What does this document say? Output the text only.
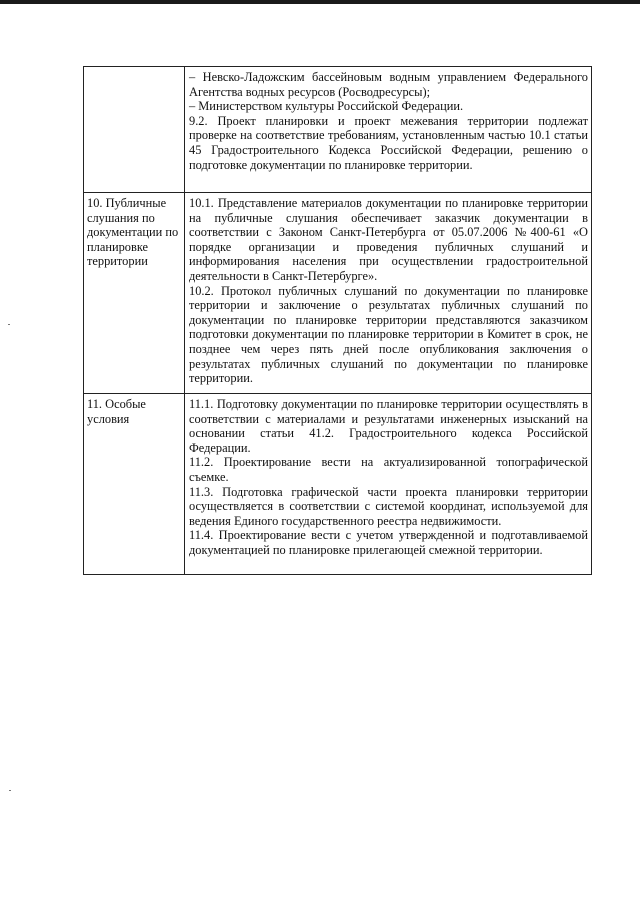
	– Невско-Ладожским бассейновым водным управлением Федерального Агентства водных ресурсов (Росводресурсы);
– Министерством культуры Российской Федерации.
9.2. Проект планировки и проект межевания территории подлежат проверке на соответствие требованиям, установленным частью 10.1 статьи 45 Градостроительного Кодекса Российской Федерации, решению о подготовке документации по планировке территории.

10. Публичные слушания по документации по планировке территории	10.1. Представление материалов документации по планировке территории на публичные слушания обеспечивает заказчик документации в соответствии с Законом Санкт-Петербурга от 05.07.2006 №400-61 «О порядке организации и проведения публичных слушаний и информирования населения при осуществлении градостроительной деятельности в Санкт-Петербурге».
10.2. Протокол публичных слушаний по документации по планировке территории и заключение о результатах публичных слушаний по документации по планировке территории представляются заказчиком подготовки документации по планировке территории в Комитет в срок, не позднее чем через пять дней после опубликования заключения о результатах публичных слушаний по документации по планировке территории.

11. Особые условия	11.1. Подготовку документации по планировке территории осуществлять в соответствии с материалами и результатами инженерных изысканий на основании статьи 41.2. Градостроительного кодекса Российской Федерации.
11.2. Проектирование вести на актуализированной топографической съемке.
11.3. Подготовка графической части проекта планировки территории осуществляется в соответствии с системой координат, используемой для ведения Единого государственного реестра недвижимости.
11.4. Проектирование вести с учетом утвержденной и подготавливаемой документацией по планировке прилегающей смежной территории.
